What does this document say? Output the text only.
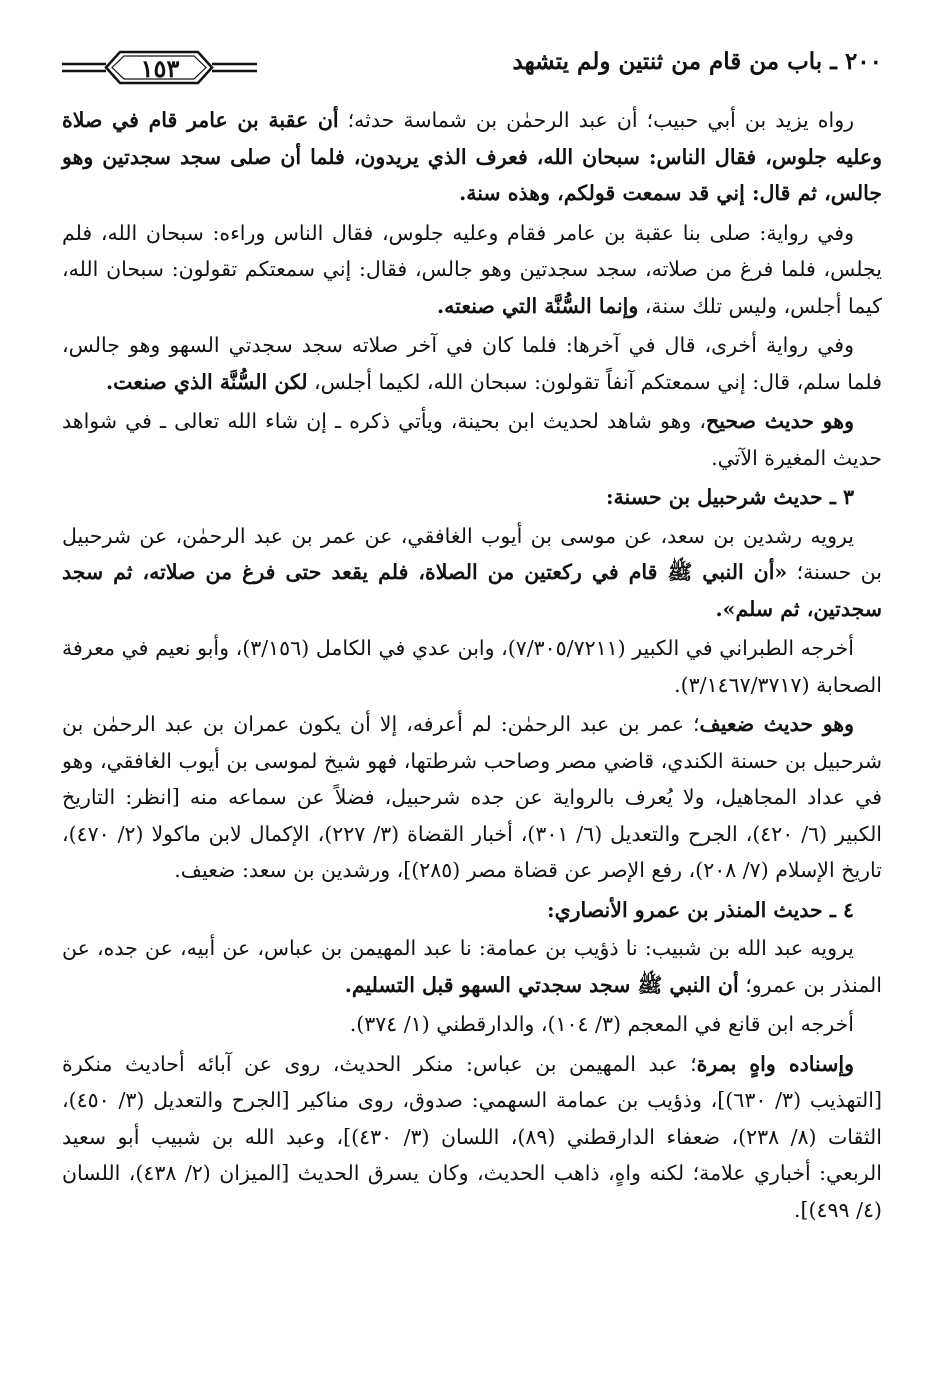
٢٠٠ ـ باب من قام من ثنتين ولم يتشهد
١٥٣

رواه يزيد بن أبي حبيب؛ أن عبد الرحمٰن بن شماسة حدثه؛ أن عقبة بن عامر قام في صلاة وعليه جلوس، فقال الناس: سبحان الله، فعرف الذي يريدون، فلما أن صلى سجد سجدتين وهو جالس، ثم قال: إني قد سمعت قولكم، وهذه سنة.

وفي رواية: صلى بنا عقبة بن عامر فقام وعليه جلوس، فقال الناس وراءه: سبحان الله، فلم يجلس، فلما فرغ من صلاته، سجد سجدتين وهو جالس، فقال: إني سمعتكم تقولون: سبحان الله، كيما أجلس، وليس تلك سنة، وإنما السُّنَّة التي صنعته.

وفي رواية أخرى، قال في آخرها: فلما كان في آخر صلاته سجد سجدتي السهو وهو جالس، فلما سلم، قال: إني سمعتكم آنفاً تقولون: سبحان الله، لكيما أجلس، لكن السُّنَّة الذي صنعت.

وهو حديث صحيح، وهو شاهد لحديث ابن بحينة، ويأتي ذكره ـ إن شاء الله تعالى ـ في شواهد حديث المغيرة الآتي.

٣ ـ حديث شرحبيل بن حسنة:

يرويه رشدين بن سعد، عن موسى بن أيوب الغافقي، عن عمر بن عبد الرحمٰن، عن شرحبيل بن حسنة؛ «أن النبي ﷺ قام في ركعتين من الصلاة، فلم يقعد حتى فرغ من صلاته، ثم سجد سجدتين، ثم سلم».

أخرجه الطبراني في الكبير (٧/٣٠٥/٧٢١١)، وابن عدي في الكامل (٣/١٥٦)، وأبو نعيم في معرفة الصحابة (٣/١٤٦٧/٣٧١٧).

وهو حديث ضعيف؛ عمر بن عبد الرحمٰن: لم أعرفه، إلا أن يكون عمران بن عبد الرحمٰن بن شرحبيل بن حسنة الكندي، قاضي مصر وصاحب شرطتها، فهو شيخ لموسى بن أيوب الغافقي، وهو في عداد المجاهيل، ولا يُعرف بالرواية عن جده شرحبيل، فضلاً عن سماعه منه [انظر: التاريخ الكبير (٦/ ٤٢٠)، الجرح والتعديل (٦/ ٣٠١)، أخبار القضاة (٣/ ٢٢٧)، الإكمال لابن ماكولا (٢/ ٤٧٠)، تاريخ الإسلام (٧/ ٢٠٨)، رفع الإصر عن قضاة مصر (٢٨٥)]، ورشدين بن سعد: ضعيف.

٤ ـ حديث المنذر بن عمرو الأنصاري:

يرويه عبد الله بن شبيب: نا ذؤيب بن عمامة: نا عبد المهيمن بن عباس، عن أبيه، عن جده، عن المنذر بن عمرو؛ أن النبي ﷺ سجد سجدتي السهو قبل التسليم.

أخرجه ابن قانع في المعجم (٣/ ١٠٤)، والدارقطني (١/ ٣٧٤).

وإسناده واهٍ بمرة؛ عبد المهيمن بن عباس: منكر الحديث، روى عن آبائه أحاديث منكرة [التهذيب (٣/ ٦٣٠)]، وذؤيب بن عمامة السهمي: صدوق، روى مناكير [الجرح والتعديل (٣/ ٤٥٠)، الثقات (٨/ ٢٣٨)، ضعفاء الدارقطني (٨٩)، اللسان (٣/ ٤٣٠)]، وعبد الله بن شبيب أبو سعيد الربعي: أخباري علامة؛ لكنه واهٍ، ذاهب الحديث، وكان يسرق الحديث [الميزان (٢/ ٤٣٨)، اللسان (٤/ ٤٩٩)].
